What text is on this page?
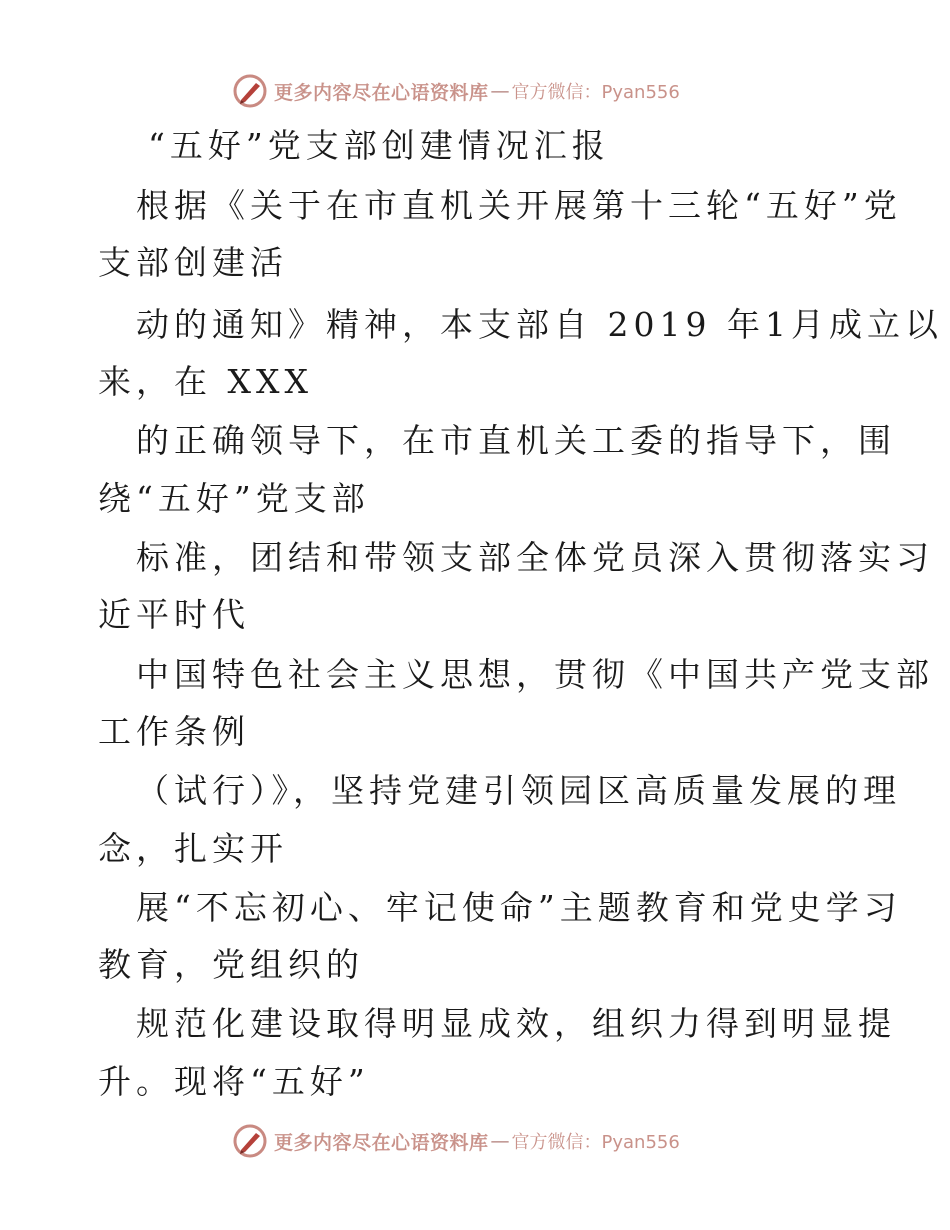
更多内容尽在心语资料库 — 官方微信：Pyan556
“五好”党支部创建情况汇报
根据《关于在市直机关开展第十三轮“五好”党
支部创建活
动的通知》精神，本支部自 2019 年1月成立以
来，在 XXX
的正确领导下，在市直机关工委的指导下，围
绕“五好”党支部
标准，团结和带领支部全体党员深入贯彻落实习
近平时代
中国特色社会主义思想，贯彻《中国共产党支部
工作条例
（试行）》，坚持党建引领园区高质量发展的理
念，扎实开
展“不忘初心、牢记使命”主题教育和党史学习
教育，党组织的
规范化建设取得明显成效，组织力得到明显提
升。现将“五好”
更多内容尽在心语资料库 — 官方微信：Pyan556
